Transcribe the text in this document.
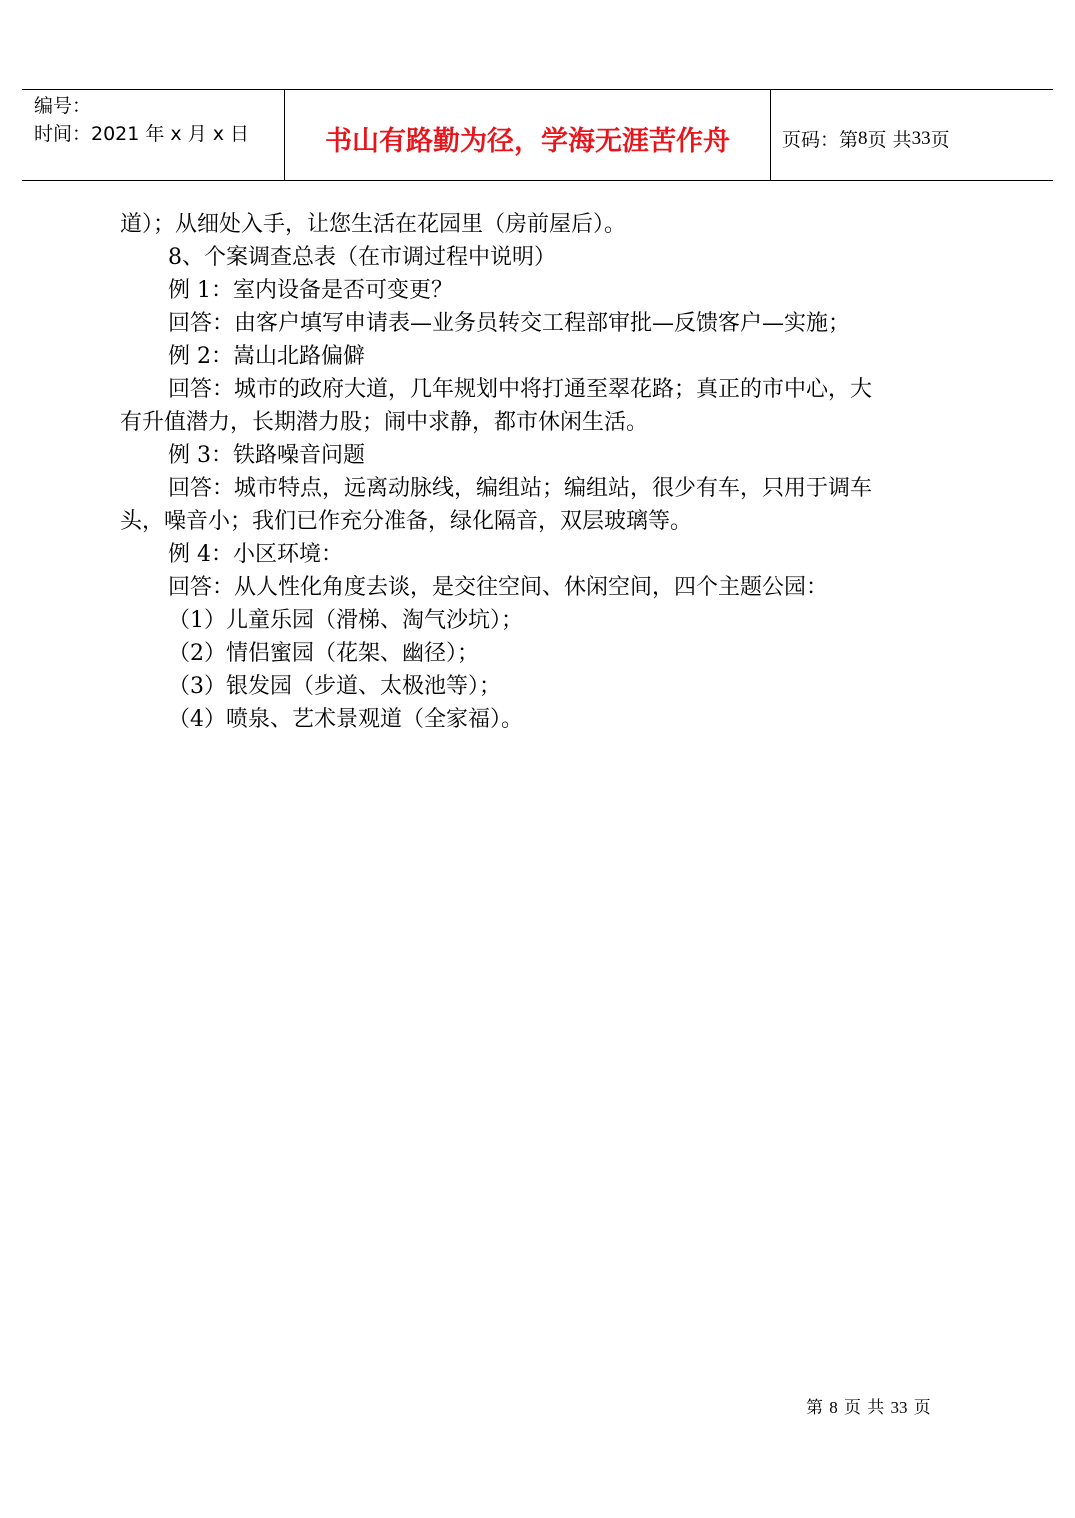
编号：
时间：2021 年 x 月 x 日	书山有路勤为径，学海无涯苦作舟	页码：第 8 页 共 33 页

道）；从细处入手，让您生活在花园里（房前屋后）。

8、个案调查总表（在市调过程中说明）

例 1：室内设备是否可变更？

回答：由客户填写申请表—业务员转交工程部审批—反馈客户—实施；

例 2：嵩山北路偏僻

回答：城市的政府大道，几年规划中将打通至翠花路；真正的市中心，大

有升值潜力，长期潜力股；闹中求静，都市休闲生活。

例 3：铁路噪音问题

回答：城市特点，远离动脉线，编组站；编组站，很少有车，只用于调车

头，噪音小；我们已作充分准备，绿化隔音，双层玻璃等。

例 4：小区环境：

回答：从人性化角度去谈，是交往空间、休闲空间，四个主题公园：

（1）儿童乐园（滑梯、淘气沙坑）；

（2）情侣蜜园（花架、幽径）；

（3）银发园（步道、太极池等）；

（4）喷泉、艺术景观道（全家福）。

第 8 页 共 33 页
